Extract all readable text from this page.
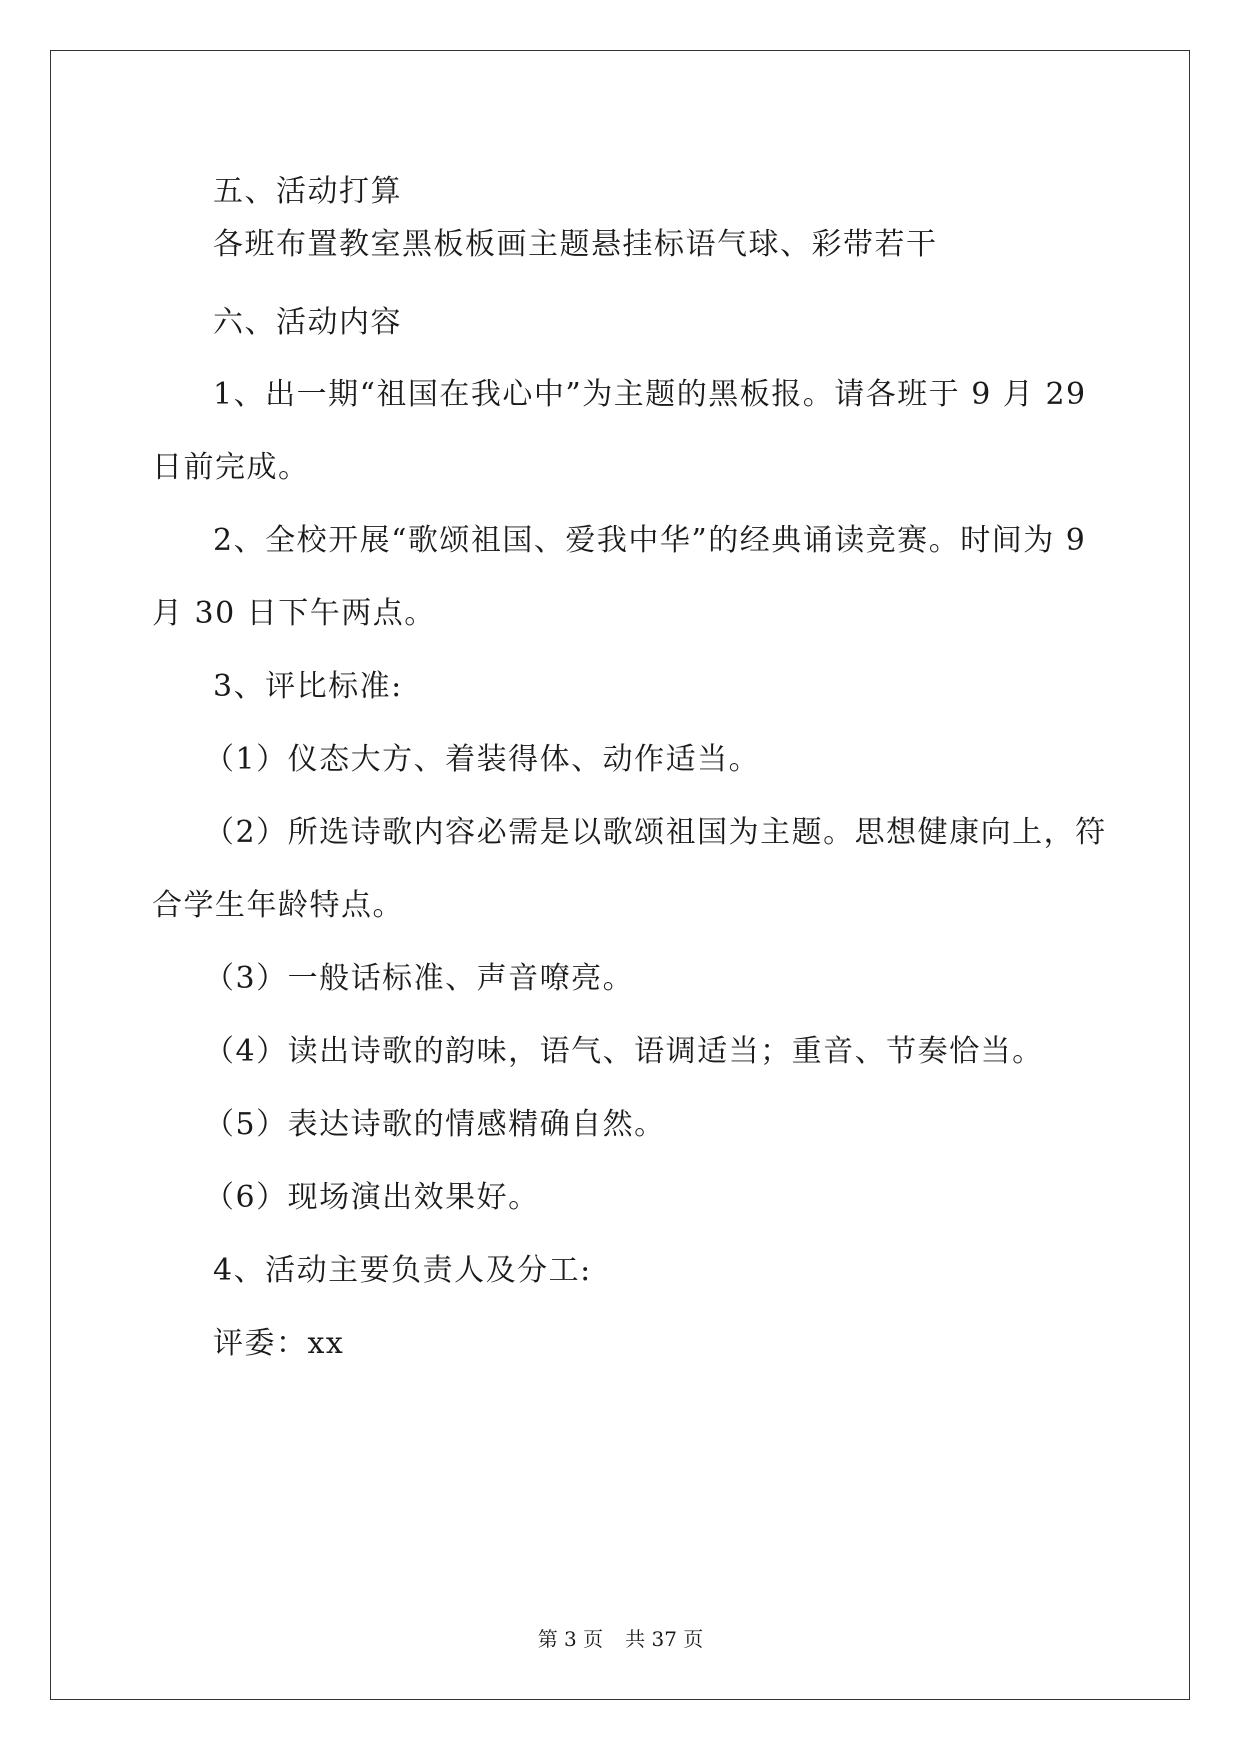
五、活动打算
各班布置教室黑板板画主题悬挂标语气球、彩带若干
六、活动内容
1、出一期“祖国在我心中”为主题的黑板报。请各班于 9 月 29
日前完成。
2、全校开展“歌颂祖国、爱我中华”的经典诵读竞赛。时间为 9
月 30 日下午两点。
3、评比标准:
（1）仪态大方、着装得体、动作适当。
（2）所选诗歌内容必需是以歌颂祖国为主题。思想健康向上，符
合学生年龄特点。
（3）一般话标准、声音嘹亮。
（4）读出诗歌的韵味，语气、语调适当；重音、节奏恰当。
（5）表达诗歌的情感精确自然。
（6）现场演出效果好。
4、活动主要负责人及分工:
评委：xx
第 3 页 共 37 页
